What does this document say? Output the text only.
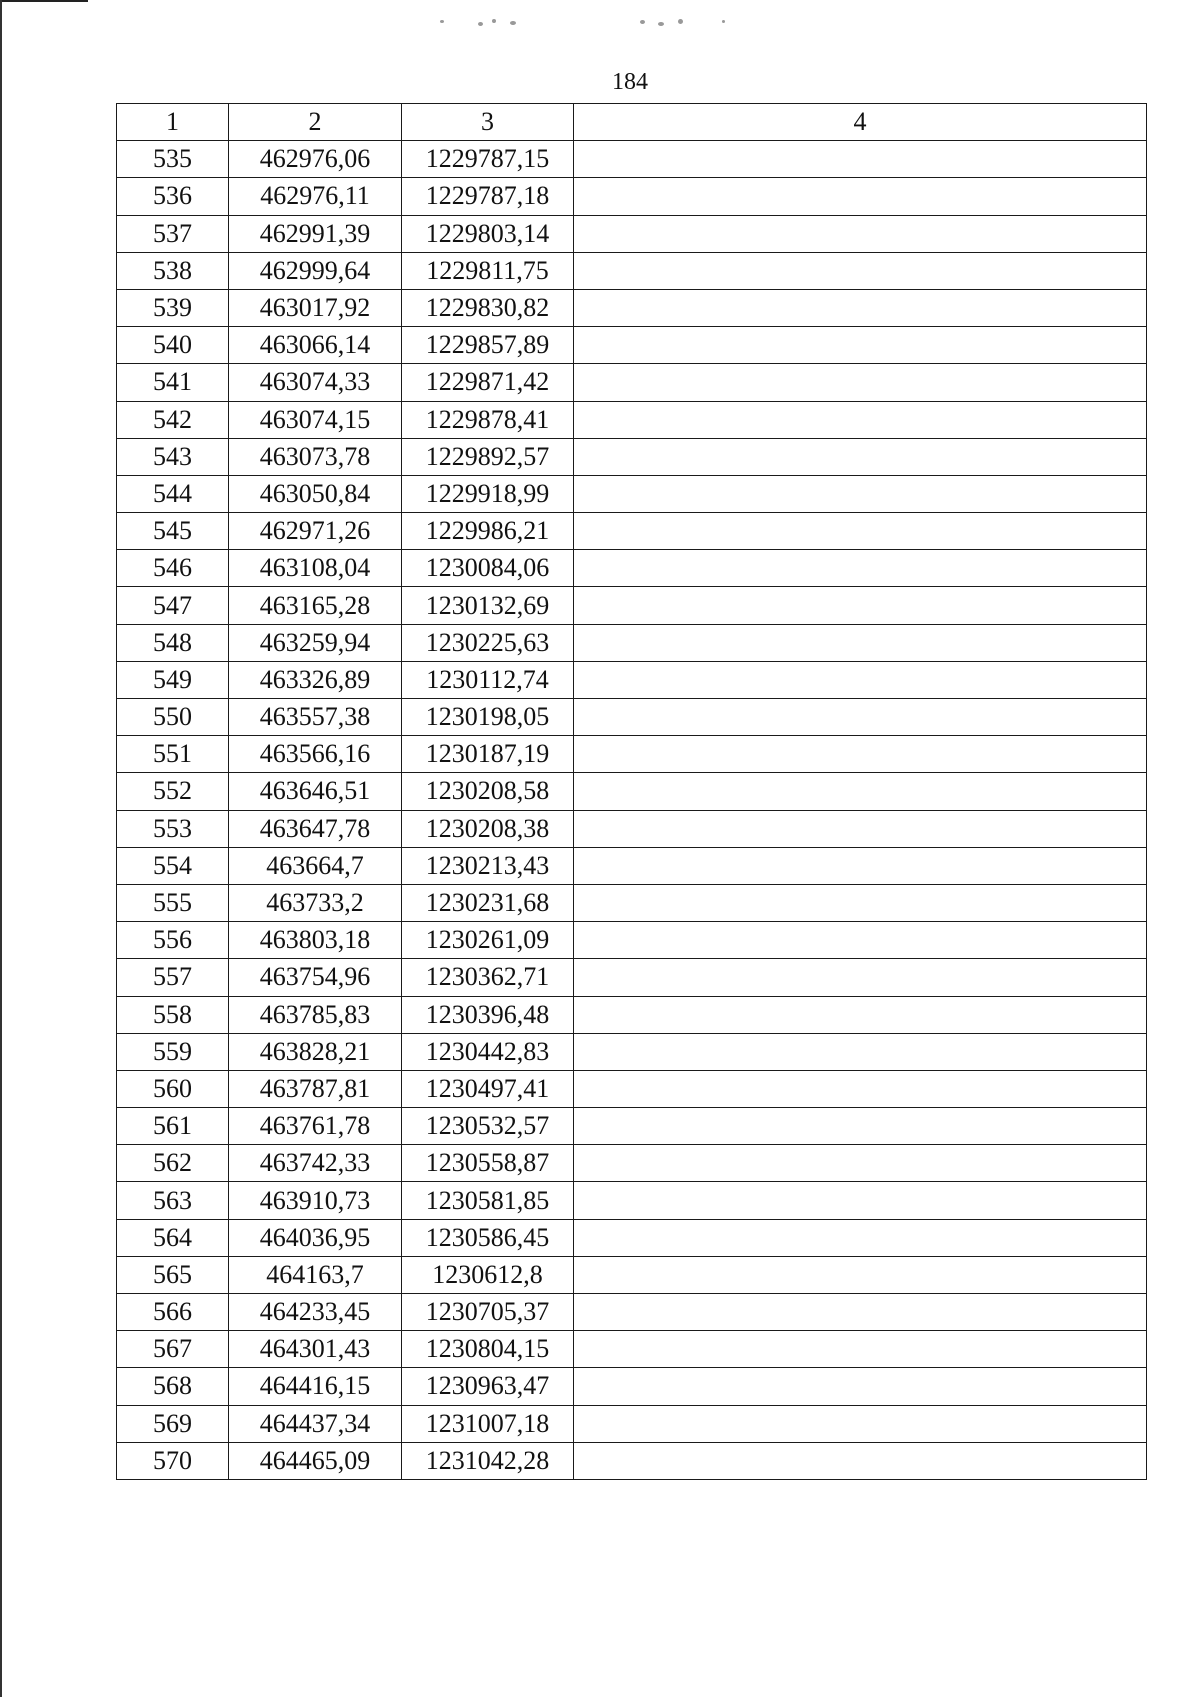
184
1	2	3	4
535	462976,06	1229787,15	
536	462976,11	1229787,18	
537	462991,39	1229803,14	
538	462999,64	1229811,75	
539	463017,92	1229830,82	
540	463066,14	1229857,89	
541	463074,33	1229871,42	
542	463074,15	1229878,41	
543	463073,78	1229892,57	
544	463050,84	1229918,99	
545	462971,26	1229986,21	
546	463108,04	1230084,06	
547	463165,28	1230132,69	
548	463259,94	1230225,63	
549	463326,89	1230112,74	
550	463557,38	1230198,05	
551	463566,16	1230187,19	
552	463646,51	1230208,58	
553	463647,78	1230208,38	
554	463664,7	1230213,43	
555	463733,2	1230231,68	
556	463803,18	1230261,09	
557	463754,96	1230362,71	
558	463785,83	1230396,48	
559	463828,21	1230442,83	
560	463787,81	1230497,41	
561	463761,78	1230532,57	
562	463742,33	1230558,87	
563	463910,73	1230581,85	
564	464036,95	1230586,45	
565	464163,7	1230612,8	
566	464233,45	1230705,37	
567	464301,43	1230804,15	
568	464416,15	1230963,47	
569	464437,34	1231007,18	
570	464465,09	1231042,28	
